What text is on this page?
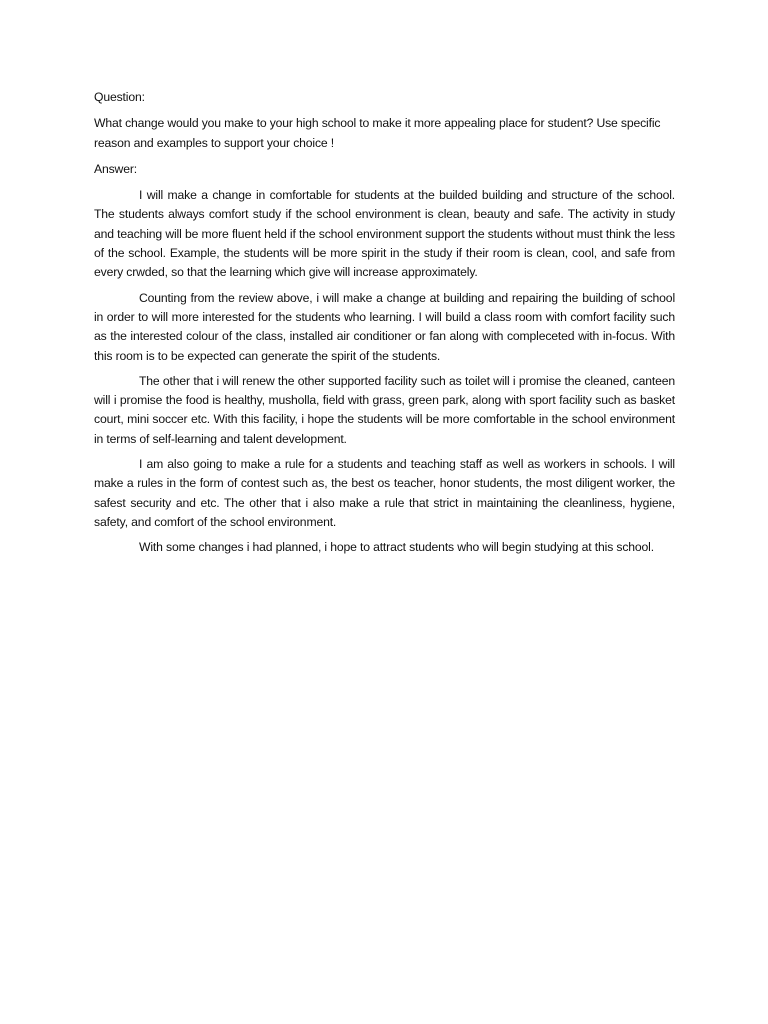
Question:

What change would you make to your high school to make it more appealing place for student? Use specific reason and examples to support your choice !

Answer:

I will make a change in comfortable for students at the builded building and structure of the school. The students always comfort study if the school environment is clean, beauty and safe. The activity in study and teaching will be more fluent held if the school environment support the students without must think the less of the school. Example, the students will be more spirit in the study if their room is clean, cool, and safe from every crwded, so that the learning which give will increase approximately.

Counting from the review above, i will make a change at building and repairing the building of school in order to will more interested for the students who learning. I will build a class room with comfort facility such as the interested colour of the class, installed air conditioner or fan along with compleceted with in-focus. With this room is to be expected can generate the spirit of the students.

The other that i will renew the other supported facility such as toilet will i promise the cleaned, canteen will i promise the food is healthy, musholla, field with grass, green park, along with sport facility such as basket court, mini soccer etc. With this facility, i hope the students will be more comfortable in the school environment in terms of self-learning and talent development.

I am also going to make a rule for a students and teaching staff as well as workers in schools. I will make a rules in the form of contest such as, the best os teacher, honor students, the most diligent worker, the safest security and etc. The other that i also make a rule that strict in maintaining the cleanliness, hygiene, safety, and comfort of the school environment.

With some changes i had planned, i hope to attract students who will begin studying at this school.
